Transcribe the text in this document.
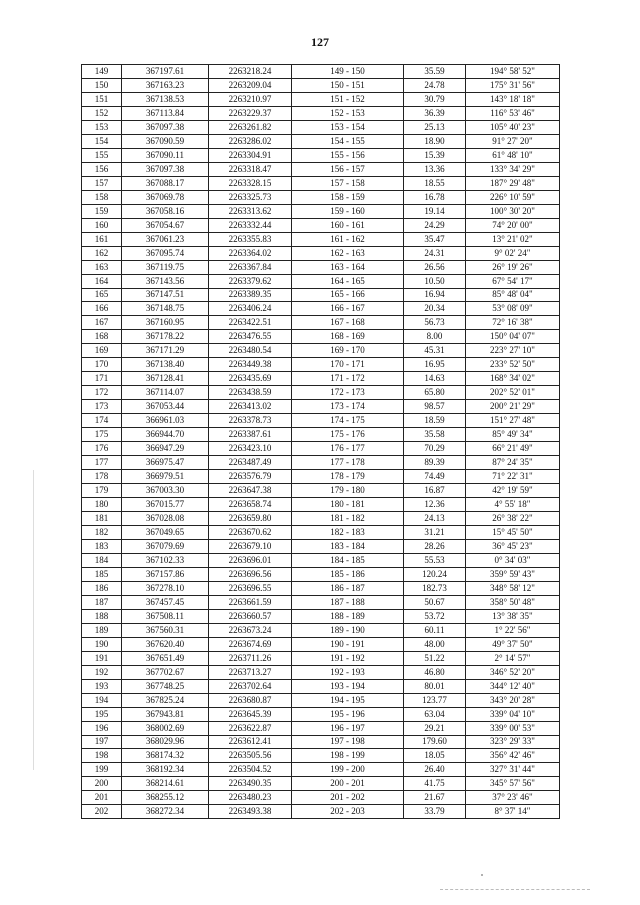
127
149	367197.61	2263218.24	149 - 150	35.59	194° 58' 52"
150	367163.23	2263209.04	150 - 151	24.78	175° 31' 56"
151	367138.53	2263210.97	151 - 152	30.79	143° 18' 18"
152	367113.84	2263229.37	152 - 153	36.39	116° 53' 46"
153	367097.38	2263261.82	153 - 154	25.13	105° 40' 23"
154	367090.59	2263286.02	154 - 155	18.90	91° 27' 20"
155	367090.11	2263304.91	155 - 156	15.39	61° 48' 10"
156	367097.38	2263318.47	156 - 157	13.36	133° 34' 29"
157	367088.17	2263328.15	157 - 158	18.55	187° 29' 48"
158	367069.78	2263325.73	158 - 159	16.78	226° 10' 59"
159	367058.16	2263313.62	159 - 160	19.14	100° 30' 20"
160	367054.67	2263332.44	160 - 161	24.29	74° 20' 00"
161	367061.23	2263355.83	161 - 162	35.47	13° 21' 02"
162	367095.74	2263364.02	162 - 163	24.31	9° 02' 24"
163	367119.75	2263367.84	163 - 164	26.56	26° 19' 26"
164	367143.56	2263379.62	164 - 165	10.50	67° 54' 17"
165	367147.51	2263389.35	165 - 166	16.94	85° 48' 04"
166	367148.75	2263406.24	166 - 167	20.34	53° 08' 09"
167	367160.95	2263422.51	167 - 168	56.73	72° 16' 38"
168	367178.22	2263476.55	168 - 169	8.00	150° 04' 07"
169	367171.29	2263480.54	169 - 170	45.31	223° 27' 10"
170	367138.40	2263449.38	170 - 171	16.95	233° 52' 50"
171	367128.41	2263435.69	171 - 172	14.63	168° 34' 02"
172	367114.07	2263438.59	172 - 173	65.80	202° 52' 01"
173	367053.44	2263413.02	173 - 174	98.57	200° 21' 29"
174	366961.03	2263378.73	174 - 175	18.59	151° 27' 48"
175	366944.70	2263387.61	175 - 176	35.58	85° 49' 34"
176	366947.29	2263423.10	176 - 177	70.29	66° 21' 49"
177	366975.47	2263487.49	177 - 178	89.39	87° 24' 35"
178	366979.51	2263576.79	178 - 179	74.49	71° 22' 31"
179	367003.30	2263647.38	179 - 180	16.87	42° 19' 59"
180	367015.77	2263658.74	180 - 181	12.36	4° 55' 18"
181	367028.08	2263659.80	181 - 182	24.13	26° 38' 22"
182	367049.65	2263670.62	182 - 183	31.21	15° 45' 50"
183	367079.69	2263679.10	183 - 184	28.26	36° 45' 23"
184	367102.33	2263696.01	184 - 185	55.53	0° 34' 03"
185	367157.86	2263696.56	185 - 186	120.24	359° 59' 43"
186	367278.10	2263696.55	186 - 187	182.73	348° 58' 12"
187	367457.45	2263661.59	187 - 188	50.67	358° 50' 48"
188	367508.11	2263660.57	188 - 189	53.72	13° 38' 35"
189	367560.31	2263673.24	189 - 190	60.11	1° 22' 56"
190	367620.40	2263674.69	190 - 191	48.00	49° 37' 50"
191	367651.49	2263711.26	191 - 192	51.22	2° 14' 57"
192	367702.67	2263713.27	192 - 193	46.80	346° 52' 20"
193	367748.25	2263702.64	193 - 194	80.01	344° 12' 40"
194	367825.24	2263680.87	194 - 195	123.77	343° 20' 28"
195	367943.81	2263645.39	195 - 196	63.04	339° 04' 10"
196	368002.69	2263622.87	196 - 197	29.21	339° 00' 53"
197	368029.96	2263612.41	197 - 198	179.60	323° 29' 33"
198	368174.32	2263505.56	198 - 199	18.05	356° 42' 46"
199	368192.34	2263504.52	199 - 200	26.40	327° 31' 44"
200	368214.61	2263490.35	200 - 201	41.75	345° 57' 56"
201	368255.12	2263480.23	201 - 202	21.67	37° 23' 46"
202	368272.34	2263493.38	202 - 203	33.79	8° 37' 14"
